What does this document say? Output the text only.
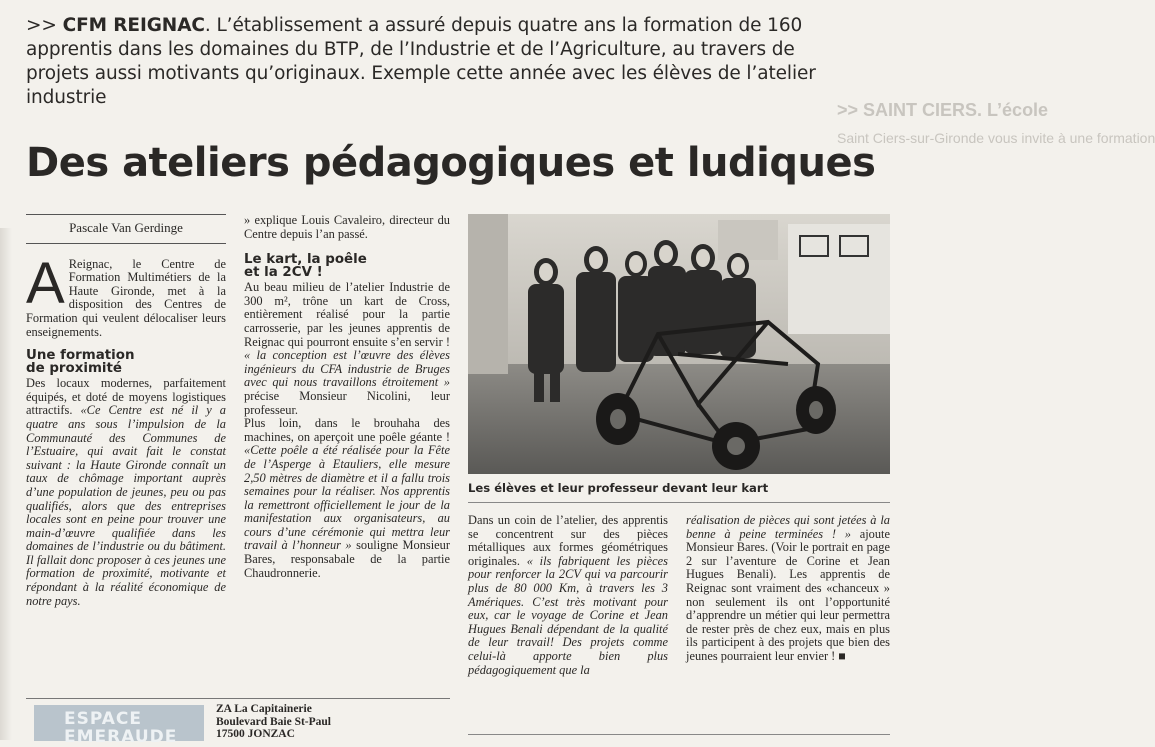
>> SAINT CIERS. L’école
Saint Ciers-sur-Gironde vous invite à une formation
>> CFM REIGNAC. L’établissement a assuré depuis quatre ans la formation de 160 apprentis dans les domaines du BTP, de l’Industrie et de l’Agriculture, au travers de projets aussi motivants qu’originaux. Exemple cette année avec les élèves de l’atelier industrie
Des ateliers pédagogiques et ludiques
Pascale Van Gerdinge

A Reignac, le Centre de Formation Multimétiers de la Haute Gironde, met à la disposition des Centres de Formation qui veulent délocaliser leurs enseignements.

Une formation
de proximité

Des locaux modernes, parfaitement équipés, et doté de moyens logistiques attractifs. «Ce Centre est né il y a quatre ans sous l’impulsion de la Communauté des Communes de l’Estuaire, qui avait fait le constat suivant : la Haute Gironde connaît un taux de chômage important auprès d’une population de jeunes, peu ou pas qualifiés, alors que des entreprises locales sont en peine pour trouver une main-d’œuvre qualifiée dans les domaines de l’industrie ou du bâtiment. Il fallait donc proposer à ces jeunes une formation de proximité, motivante et répondant à la réalité économique de notre pays.

» explique Louis Cavaleiro, directeur du Centre depuis l’an passé.

Le kart, la poêle
et la 2CV !

Au beau milieu de l’atelier Industrie de 300 m², trône un kart de Cross, entièrement réalisé pour la partie carrosserie, par les jeunes apprentis de Reignac qui pourront ensuite s’en servir ! « la conception est l’œuvre des élèves ingénieurs du CFA industrie de Bruges avec qui nous travaillons étroitement » précise Monsieur Nicolini, leur professeur.

Plus loin, dans le brouhaha des machines, on aperçoit une poêle géante ! «Cette poêle a été réalisée pour la Fête de l’Asperge à Etauliers, elle mesure 2,50 mètres de diamètre et il a fallu trois semaines pour la réaliser. Nos apprentis la remettront officiellement le jour de la manifestation aux organisateurs, au cours d’une cérémonie qui mettra leur travail à l’honneur » souligne Monsieur Bares, responsabale de la partie Chaudronnerie.

Les élèves et leur professeur devant leur kart

Dans un coin de l’atelier, des apprentis se concentrent sur des pièces métalliques aux formes géométriques originales. « ils fabriquent les pièces pour renforcer la 2CV qui va parcourir plus de 80 000 Km, à travers les 3 Amériques. C’est très motivant pour eux, car le voyage de Corine et Jean Hugues Benali dépendant de la qualité de leur travail! Des projets comme celui-là apporte bien plus pédagogiquement que la

réalisation de pièces qui sont jetées à la benne à peine terminées ! » ajoute Monsieur Bares. (Voir le portrait en page 2 sur l’aventure de Corine et Jean Hugues Benali). Les apprentis de Reignac sont vraiment des «chanceux » non seulement ils ont l’opportunité d’apprendre un métier qui leur permettra de rester près de chez eux, mais en plus ils participent à des projets que bien des jeunes pourraient leur envier ! ■

ESPACE
EMERAUDE
ZA La Capitainerie
Boulevard Baie St-Paul
17500 JONZAC
